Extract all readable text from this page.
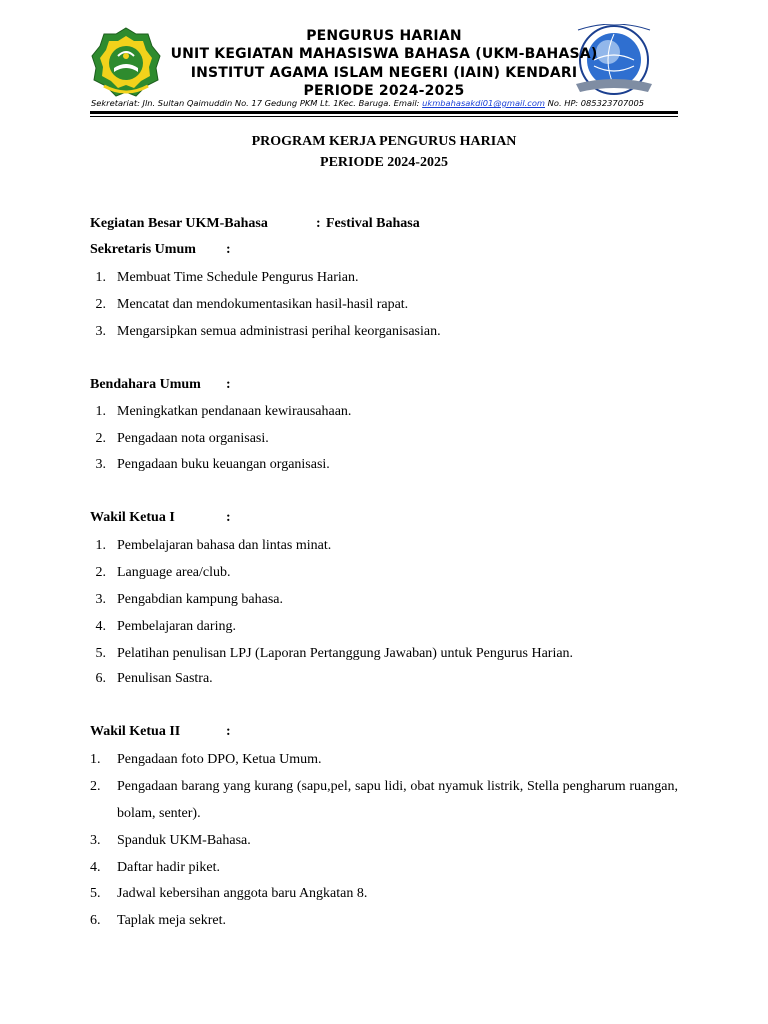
PENGURUS HARIAN
UNIT KEGIATAN MAHASISWA BAHASA (UKM-BAHASA)
INSTITUT AGAMA ISLAM NEGERI (IAIN) KENDARI
PERIODE 2024-2025
Sekretariat: Jln. Sultan Qaimuddin No. 17 Gedung PKM Lt. 1Kec. Baruga. Email: ukmbahasakdi01@gmail.com No. HP: 085323707005
PROGRAM KERJA PENGURUS HARIAN
PERIODE 2024-2025
Kegiatan Besar UKM-Bahasa	: Festival Bahasa
Sekretaris Umum :
1. Membuat Time Schedule Pengurus Harian.
2. Mencatat dan mendokumentasikan hasil-hasil rapat.
3. Mengarsipkan semua administrasi perihal keorganisasian.
Bendahara Umum :
1. Meningkatkan pendanaan kewirausahaan.
2. Pengadaan nota organisasi.
3. Pengadaan buku keuangan organisasi.
Wakil Ketua I	:
1. Pembelajaran bahasa dan lintas minat.
2. Language area/club.
3. Pengabdian kampung bahasa.
4. Pembelajaran daring.
5. Pelatihan penulisan LPJ (Laporan Pertanggung Jawaban) untuk Pengurus Harian.
6. Penulisan Sastra.
Wakil Ketua II	:
1. Pengadaan foto DPO, Ketua Umum.
2. Pengadaan barang yang kurang (sapu,pel, sapu lidi, obat nyamuk listrik, Stella pengharum ruangan, bolam, senter).
3. Spanduk UKM-Bahasa.
4. Daftar hadir piket.
5. Jadwal kebersihan anggota baru Angkatan 8.
6. Taplak meja sekret.
